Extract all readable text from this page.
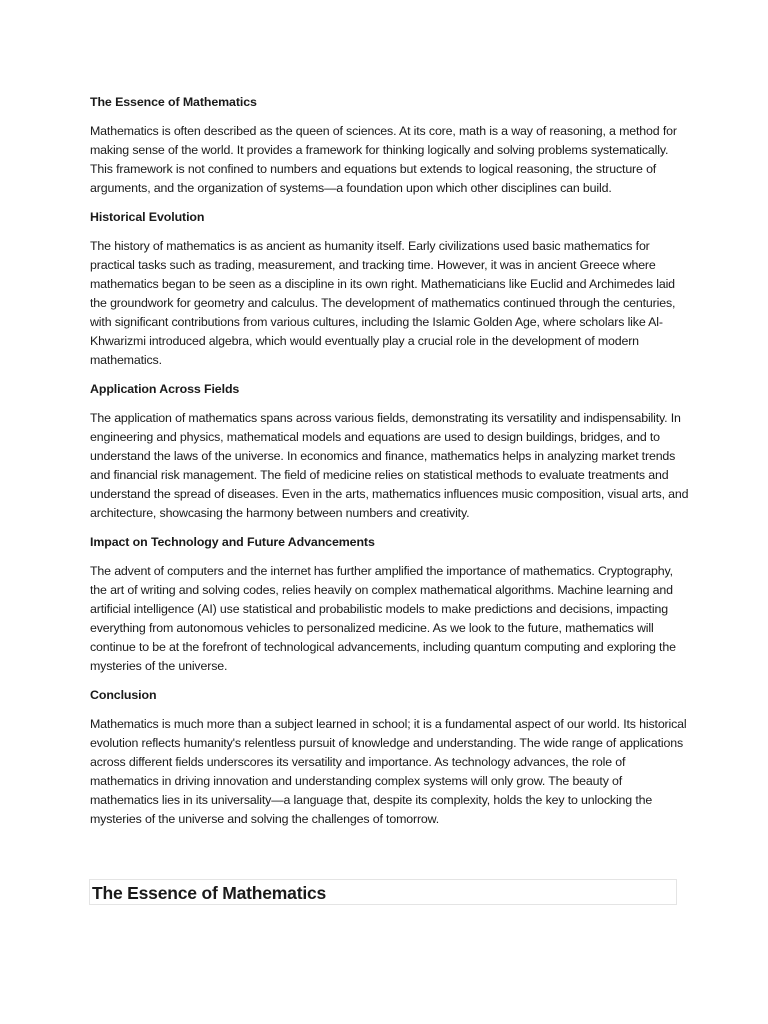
The Essence of Mathematics
Mathematics is often described as the queen of sciences. At its core, math is a way of reasoning, a method for making sense of the world. It provides a framework for thinking logically and solving problems systematically. This framework is not confined to numbers and equations but extends to logical reasoning, the structure of arguments, and the organization of systems—a foundation upon which other disciplines can build.
Historical Evolution
The history of mathematics is as ancient as humanity itself. Early civilizations used basic mathematics for practical tasks such as trading, measurement, and tracking time. However, it was in ancient Greece where mathematics began to be seen as a discipline in its own right. Mathematicians like Euclid and Archimedes laid the groundwork for geometry and calculus. The development of mathematics continued through the centuries, with significant contributions from various cultures, including the Islamic Golden Age, where scholars like Al-Khwarizmi introduced algebra, which would eventually play a crucial role in the development of modern mathematics.
Application Across Fields
The application of mathematics spans across various fields, demonstrating its versatility and indispensability. In engineering and physics, mathematical models and equations are used to design buildings, bridges, and to understand the laws of the universe. In economics and finance, mathematics helps in analyzing market trends and financial risk management. The field of medicine relies on statistical methods to evaluate treatments and understand the spread of diseases. Even in the arts, mathematics influences music composition, visual arts, and architecture, showcasing the harmony between numbers and creativity.
Impact on Technology and Future Advancements
The advent of computers and the internet has further amplified the importance of mathematics. Cryptography, the art of writing and solving codes, relies heavily on complex mathematical algorithms. Machine learning and artificial intelligence (AI) use statistical and probabilistic models to make predictions and decisions, impacting everything from autonomous vehicles to personalized medicine. As we look to the future, mathematics will continue to be at the forefront of technological advancements, including quantum computing and exploring the mysteries of the universe.
Conclusion
Mathematics is much more than a subject learned in school; it is a fundamental aspect of our world. Its historical evolution reflects humanity's relentless pursuit of knowledge and understanding. The wide range of applications across different fields underscores its versatility and importance. As technology advances, the role of mathematics in driving innovation and understanding complex systems will only grow. The beauty of mathematics lies in its universality—a language that, despite its complexity, holds the key to unlocking the mysteries of the universe and solving the challenges of tomorrow.
The Essence of Mathematics
